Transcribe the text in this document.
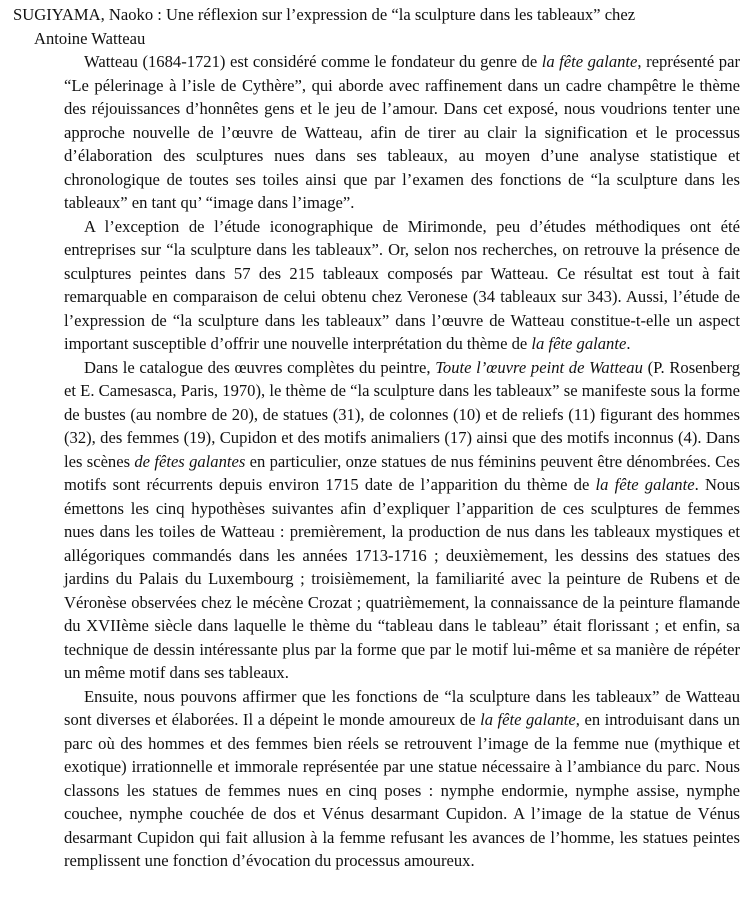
SUGIYAMA, Naoko : Une réflexion sur l’expression de “la sculpture dans les tableaux” chez
Antoine Watteau

Watteau (1684-1721) est considéré comme le fondateur du genre de la fête galante, représenté par “Le pélerinage à l’isle de Cythère”, qui aborde avec raffinement dans un cadre champêtre le thème des réjouissances d’honnêtes gens et le jeu de l’amour. Dans cet exposé, nous voudrions tenter une approche nouvelle de l’œuvre de Watteau, afin de tirer au clair la signification et le processus d’élaboration des sculptures nues dans ses tableaux, au moyen d’une analyse statistique et chronologique de toutes ses toiles ainsi que par l’examen des fonctions de “la sculpture dans les tableaux” en tant qu’ “image dans l’image”.

A l’exception de l’étude iconographique de Mirimonde, peu d’études méthodiques ont été entreprises sur “la sculpture dans les tableaux”. Or, selon nos recherches, on retrouve la présence de sculptures peintes dans 57 des 215 tableaux composés par Watteau. Ce résultat est tout à fait remarquable en comparaison de celui obtenu chez Veronese (34 tableaux sur 343). Aussi, l’étude de l’expression de “la sculpture dans les tableaux” dans l’œuvre de Watteau constitue-t-elle un aspect important susceptible d’offrir une nouvelle interprétation du thème de la fête galante.

Dans le catalogue des œuvres complètes du peintre, Toute l’œuvre peint de Watteau (P. Rosenberg et E. Camesasca, Paris, 1970), le thème de “la sculpture dans les tableaux” se manifeste sous la forme de bustes (au nombre de 20), de statues (31), de colonnes (10) et de reliefs (11) figurant des hommes (32), des femmes (19), Cupidon et des motifs animaliers (17) ainsi que des motifs inconnus (4). Dans les scènes de fêtes galantes en particulier, onze statues de nus féminins peuvent être dénombrées. Ces motifs sont récurrents depuis environ 1715 date de l’apparition du thème de la fête galante. Nous émettons les cinq hypothèses suivantes afin d’expliquer l’apparition de ces sculptures de femmes nues dans les toiles de Watteau : premièrement, la production de nus dans les tableaux mystiques et allégoriques commandés dans les années 1713-1716 ; deuxièmement, les dessins des statues des jardins du Palais du Luxembourg ; troisièmement, la familiarité avec la peinture de Rubens et de Véronèse observées chez le mécène Crozat ; quatrièmement, la connaissance de la peinture flamande du XVIIème siècle dans laquelle le thème du “tableau dans le tableau” était florissant ; et enfin, sa technique de dessin intéressante plus par la forme que par le motif lui-même et sa manière de répéter un même motif dans ses tableaux.

Ensuite, nous pouvons affirmer que les fonctions de “la sculpture dans les tableaux” de Watteau sont diverses et élaborées. Il a dépeint le monde amoureux de la fête galante, en introduisant dans un parc où des hommes et des femmes bien réels se retrouvent l’image de la femme nue (mythique et exotique) irrationnelle et immorale représentée par une statue nécessaire à l’ambiance du parc. Nous classons les statues de femmes nues en cinq poses : nymphe endormie, nymphe assise, nymphe couchee, nymphe couchée de dos et Vénus desarmant Cupidon. A l’image de la statue de Vénus desarmant Cupidon qui fait allusion à la femme refusant les avances de l’homme, les statues peintes remplissent une fonction d’évocation du processus amoureux.
